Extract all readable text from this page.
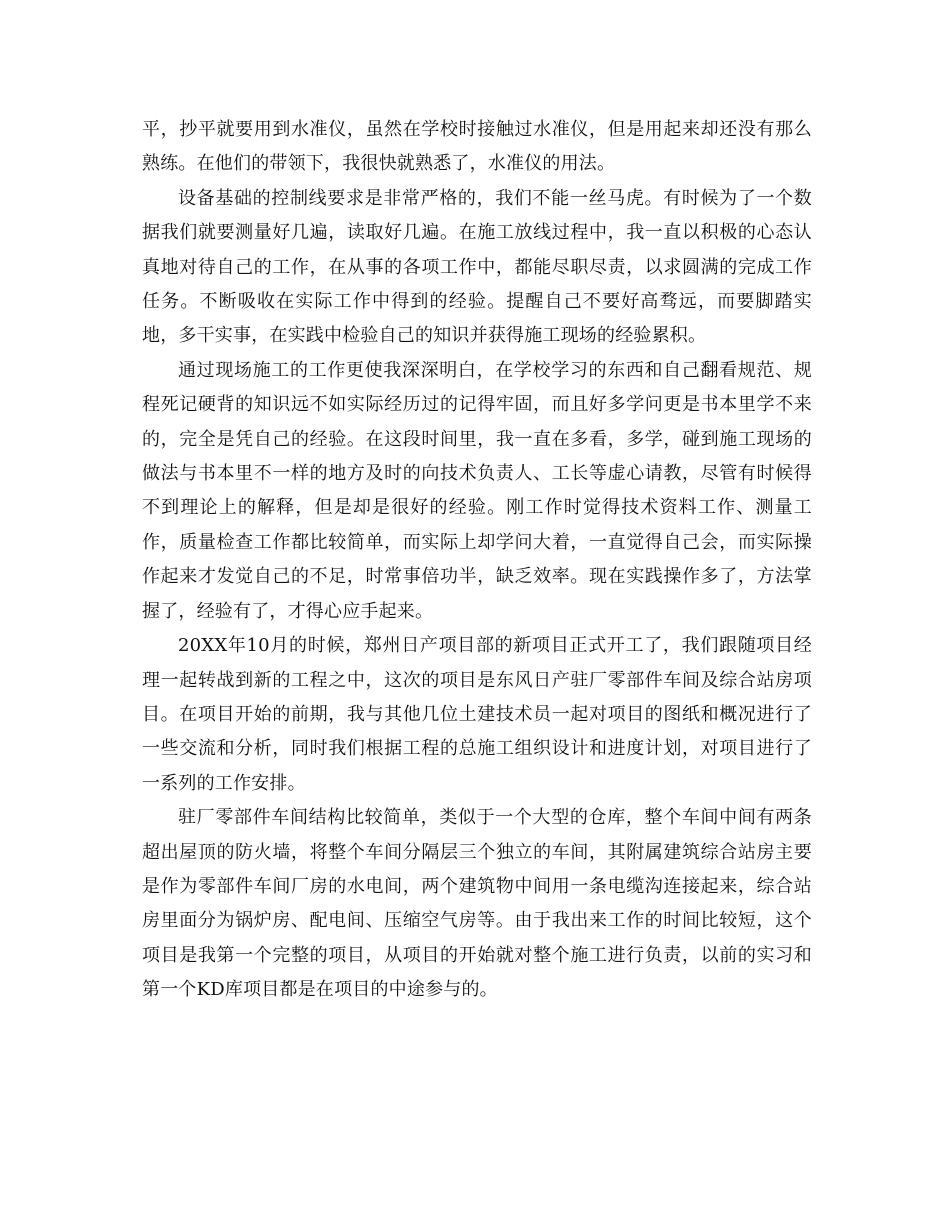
平，抄平就要用到水准仪，虽然在学校时接触过水准仪，但是用起来却还没有那么熟练。在他们的带领下，我很快就熟悉了，水准仪的用法。

设备基础的控制线要求是非常严格的，我们不能一丝马虎。有时候为了一个数据我们就要测量好几遍，读取好几遍。在施工放线过程中，我一直以积极的心态认真地对待自己的工作，在从事的各项工作中，都能尽职尽责，以求圆满的完成工作任务。不断吸收在实际工作中得到的经验。提醒自己不要好高骛远，而要脚踏实地，多干实事，在实践中检验自己的知识并获得施工现场的经验累积。

通过现场施工的工作更使我深深明白，在学校学习的东西和自己翻看规范、规程死记硬背的知识远不如实际经历过的记得牢固，而且好多学问更是书本里学不来的，完全是凭自己的经验。在这段时间里，我一直在多看，多学，碰到施工现场的做法与书本里不一样的地方及时的向技术负责人、工长等虚心请教，尽管有时候得不到理论上的解释，但是却是很好的经验。刚工作时觉得技术资料工作、测量工作，质量检查工作都比较简单，而实际上却学问大着，一直觉得自己会，而实际操作起来才发觉自己的不足，时常事倍功半，缺乏效率。现在实践操作多了，方法掌握了，经验有了，才得心应手起来。

20XX年10月的时候，郑州日产项目部的新项目正式开工了，我们跟随项目经理一起转战到新的工程之中，这次的项目是东风日产驻厂零部件车间及综合站房项目。在项目开始的前期，我与其他几位土建技术员一起对项目的图纸和概况进行了一些交流和分析，同时我们根据工程的总施工组织设计和进度计划，对项目进行了一系列的工作安排。

驻厂零部件车间结构比较简单，类似于一个大型的仓库，整个车间中间有两条超出屋顶的防火墙，将整个车间分隔层三个独立的车间，其附属建筑综合站房主要是作为零部件车间厂房的水电间，两个建筑物中间用一条电缆沟连接起来，综合站房里面分为锅炉房、配电间、压缩空气房等。由于我出来工作的时间比较短，这个项目是我第一个完整的项目，从项目的开始就对整个施工进行负责，以前的实习和第一个KD库项目都是在项目的中途参与的。
